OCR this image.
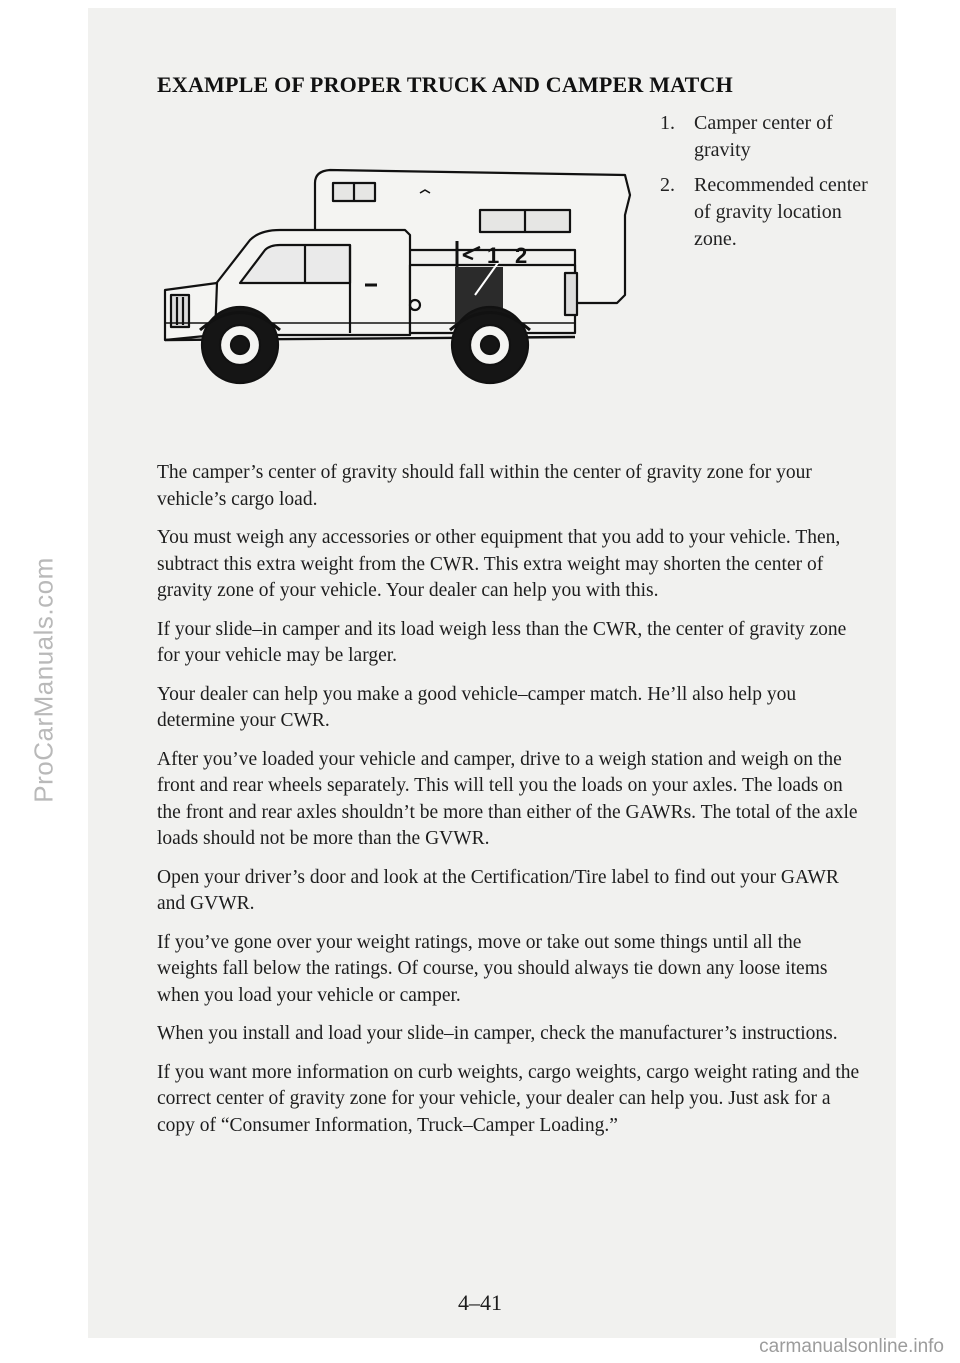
ProCarManuals.com
EXAMPLE OF PROPER TRUCK AND CAMPER MATCH
1 2
1. Camper center of gravity
2. Recommended center of gravity location zone.

The camper’s center of gravity should fall within the center of gravity zone for your vehicle’s cargo load.

You must weigh any accessories or other equipment that you add to your vehicle. Then, subtract this extra weight from the CWR. This extra weight may shorten the center of gravity zone of your vehicle. Your dealer can help you with this.

If your slide–in camper and its load weigh less than the CWR, the center of gravity zone for your vehicle may be larger.

Your dealer can help you make a good vehicle–camper match. He’ll also help you determine your CWR.

After you’ve loaded your vehicle and camper, drive to a weigh station and weigh on the front and rear wheels separately. This will tell you the loads on your axles. The loads on the front and rear axles shouldn’t be more than either of the GAWRs. The total of the axle loads should not be more than the GVWR.

Open your driver’s door and look at the Certification/Tire label to find out your GAWR and GVWR.

If you’ve gone over your weight ratings, move or take out some things until all the weights fall below the ratings. Of course, you should always tie down any loose items when you load your vehicle or camper.

When you install and load your slide–in camper, check the manufacturer’s instructions.

If you want more information on curb weights, cargo weights, cargo weight rating and the correct center of gravity zone for your vehicle, your dealer can help you. Just ask for a copy of “Consumer Information, Truck–Camper Loading.”

4–41
carmanualsonline.info
